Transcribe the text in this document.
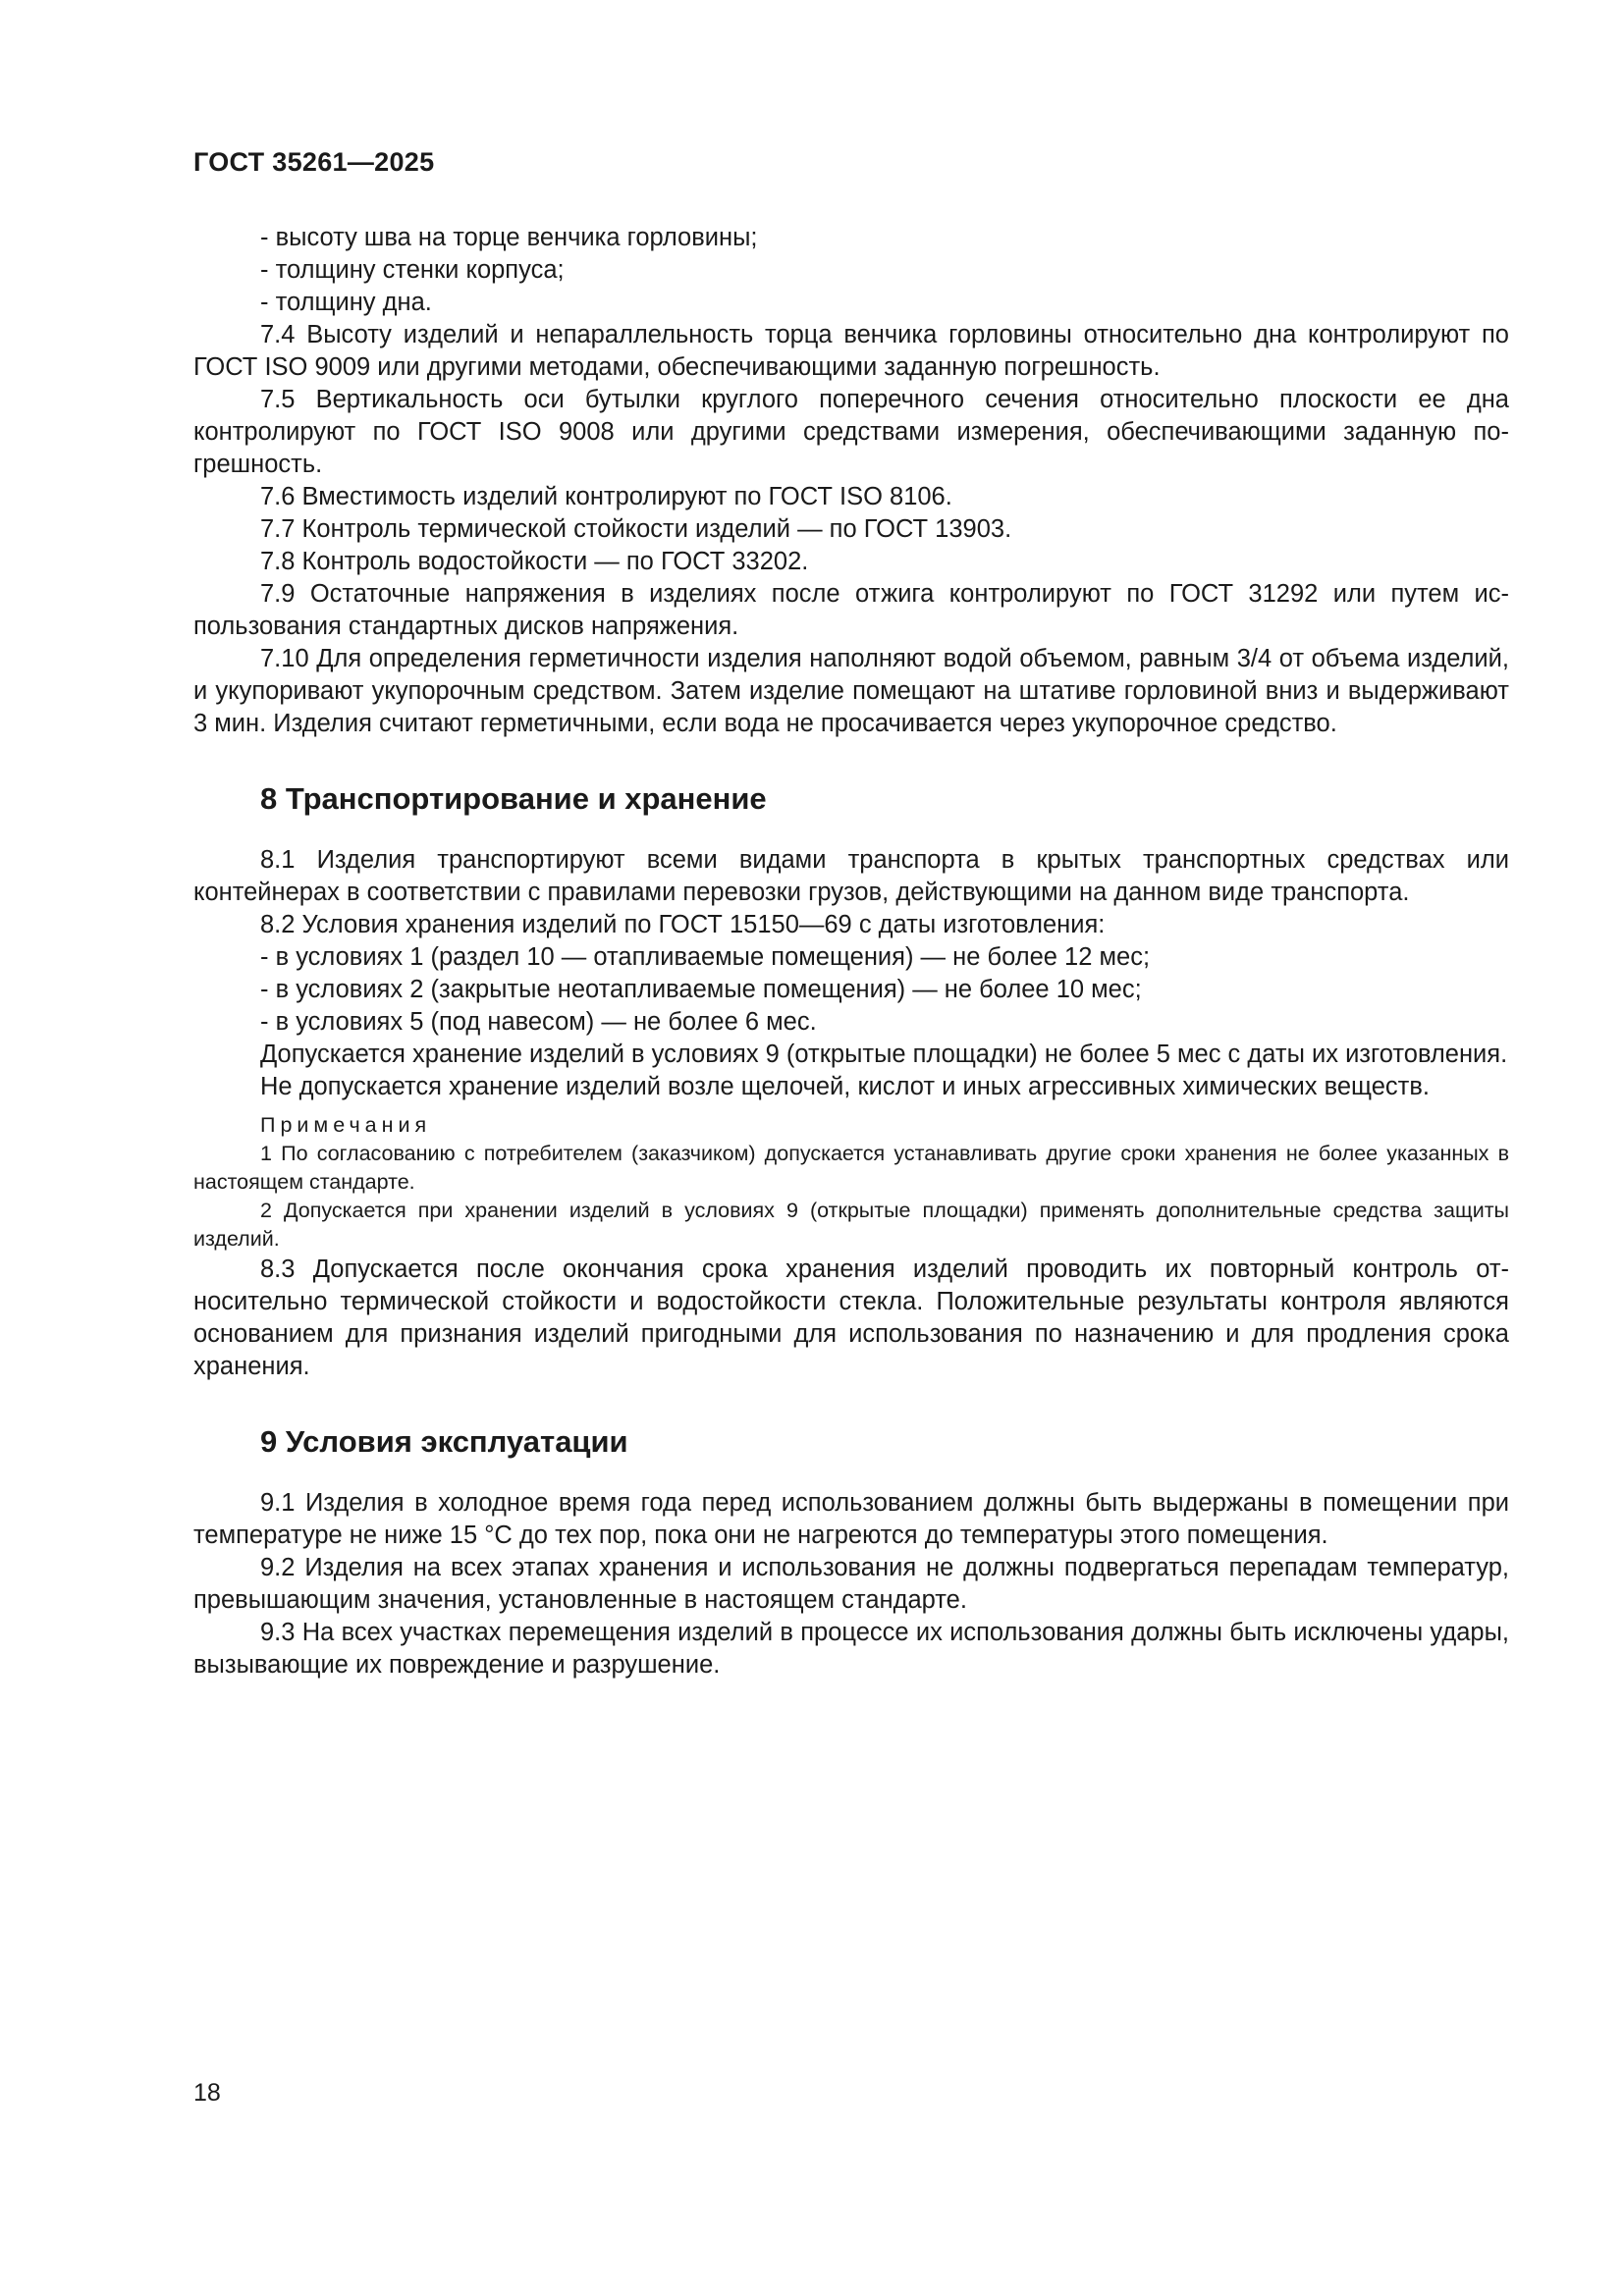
ГОСТ 35261—2025

- высоту шва на торце венчика горловины;

- толщину стенки корпуса;

- толщину дна.

7.4 Высоту изделий и непараллельность торца венчика горловины относительно дна контролируют по ГОСТ ISO 9009 или другими методами, обеспечивающими заданную погрешность.

7.5 Вертикальность оси бутылки круглого поперечного сечения относительно плоскости ее дна контролируют по ГОСТ ISO 9008 или другими средствами измерения, обеспечивающими заданную погрешность.

7.6 Вместимость изделий контролируют по ГОСТ ISO 8106.

7.7 Контроль термической стойкости изделий — по ГОСТ 13903.

7.8 Контроль водостойкости — по ГОСТ 33202.

7.9 Остаточные напряжения в изделиях после отжига контролируют по ГОСТ 31292 или путем использования стандартных дисков напряжения.

7.10 Для определения герметичности изделия наполняют водой объемом, равным 3/4 от объема изделий, и укупоривают укупорочным средством. Затем изделие помещают на штативе горловиной вниз и выдерживают 3 мин. Изделия считают герметичными, если вода не просачивается через укупорочное средство.

8 Транспортирование и хранение

8.1 Изделия транспортируют всеми видами транспорта в крытых транспортных средствах или контейнерах в соответствии с правилами перевозки грузов, действующими на данном виде транспорта.

8.2 Условия хранения изделий по ГОСТ 15150—69 с даты изготовления:

- в условиях 1 (раздел 10 — отапливаемые помещения) — не более 12 мес;

- в условиях 2 (закрытые неотапливаемые помещения) — не более 10 мес;

- в условиях 5 (под навесом) — не более 6 мес.

Допускается хранение изделий в условиях 9 (открытые площадки) не более 5 мес с даты их изготовления.

Не допускается хранение изделий возле щелочей, кислот и иных агрессивных химических веществ.

Примечания

1 По согласованию с потребителем (заказчиком) допускается устанавливать другие сроки хранения не более указанных в настоящем стандарте.

2 Допускается при хранении изделий в условиях 9 (открытые площадки) применять дополнительные средства защиты изделий.

8.3 Допускается после окончания срока хранения изделий проводить их повторный контроль относительно термической стойкости и водостойкости стекла. Положительные результаты контроля являются основанием для признания изделий пригодными для использования по назначению и для продления срока хранения.

9 Условия эксплуатации

9.1 Изделия в холодное время года перед использованием должны быть выдержаны в помещении при температуре не ниже 15 °С до тех пор, пока они не нагреются до температуры этого помещения.

9.2 Изделия на всех этапах хранения и использования не должны подвергаться перепадам температур, превышающим значения, установленные в настоящем стандарте.

9.3 На всех участках перемещения изделий в процессе их использования должны быть исключены удары, вызывающие их повреждение и разрушение.

18
